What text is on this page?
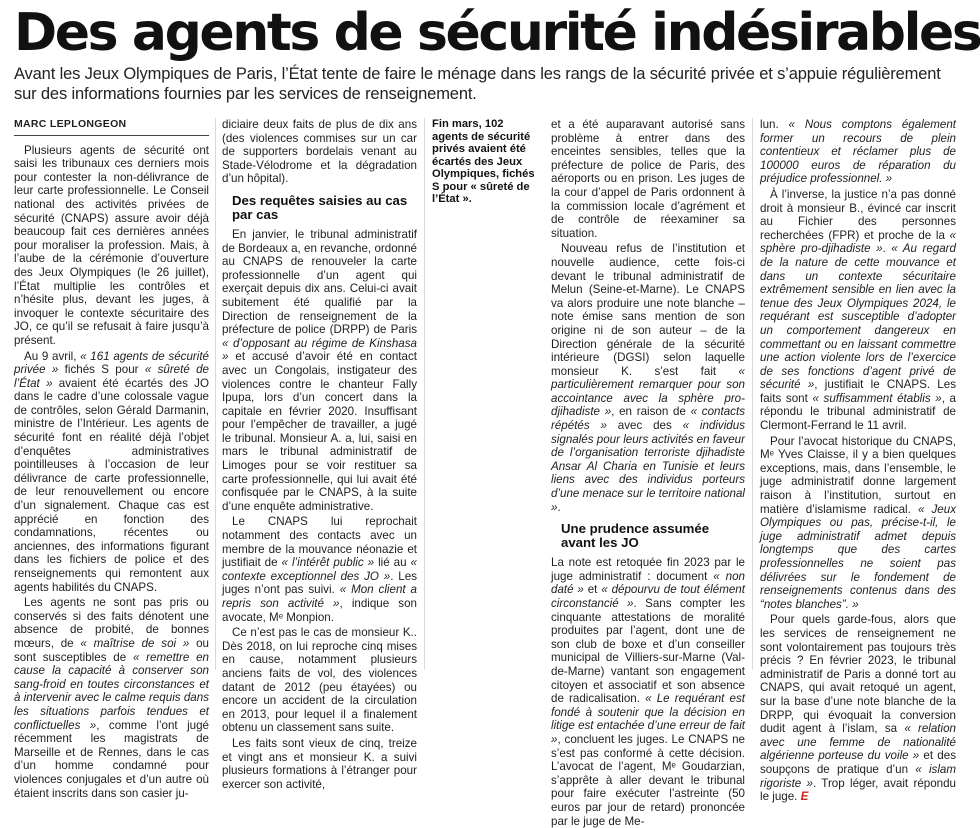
Des agents de sécurité indésirables
Avant les Jeux Olympiques de Paris, l’État tente de faire le ménage dans les rangs de la sécurité privée et s’appuie régulièrement sur des informations fournies par les services de renseignement.
MARC LEPLONGEON

Plusieurs agents de sécurité ont saisi les tribunaux ces derniers mois pour contester la non-délivrance de leur carte professionnelle. Le Conseil national des activités privées de sécurité (CNAPS) assure avoir déjà beaucoup fait ces dernières années pour moraliser la profession. Mais, à l’aube de la cérémonie d’ouverture des Jeux Olympiques (le 26 juillet), l’État multiplie les contrôles et n’hésite plus, devant les juges, à invoquer le contexte sécuritaire des JO, ce qu’il se refusait à faire jusqu’à présent.

Au 9 avril, « 161 agents de sécurité privée » fichés S pour « sûreté de l’État » avaient été écartés des JO dans le cadre d’une colossale vague de contrôles, selon Gérald Darmanin, ministre de l’Intérieur. Les agents de sécurité font en réalité déjà l’objet d’enquêtes administratives pointilleuses à l’occasion de leur délivrance de carte professionnelle, de leur renouvellement ou encore d’un signalement. Chaque cas est apprécié en fonction des condamnations, récentes ou anciennes, des informations figurant dans les fichiers de police et des renseignements qui remontent aux agents habilités du CNAPS.

Les agents ne sont pas pris ou conservés si des faits dénotent une absence de probité, de bonnes mœurs, de « maîtrise de soi » ou sont susceptibles de « remettre en cause la capacité à conserver son sang-froid en toutes circonstances et à intervenir avec le calme requis dans les situations parfois tendues et conflictuelles », comme l’ont jugé récemment les magistrats de Marseille et de Rennes, dans le cas d’un homme condamné pour violences conjugales et d’un autre où étaient inscrits dans son casier ju-

diciaire deux faits de plus de dix ans (des violences commises sur un car de supporters bordelais venant au Stade-Vélodrome et la dégradation d’un hôpital).

Des requêtes saisies au cas par cas

En janvier, le tribunal administratif de Bordeaux a, en revanche, ordonné au CNAPS de renouveler la carte professionnelle d’un agent qui exerçait depuis dix ans. Celui-ci avait subitement été qualifié par la Direction de renseignement de la préfecture de police (DRPP) de Paris « d’opposant au régime de Kinshasa » et accusé d’avoir été en contact avec un Congolais, instigateur des violences contre le chanteur Fally Ipupa, lors d’un concert dans la capitale en février 2020. Insuffisant pour l’empêcher de travailler, a jugé le tribunal. Monsieur A. a, lui, saisi en mars le tribunal administratif de Limoges pour se voir restituer sa carte professionnelle, qui lui avait été confisquée par le CNAPS, à la suite d’une enquête administrative.

Le CNAPS lui reprochait notamment des contacts avec un membre de la mouvance néonazie et justifiait de « l’intérêt public » lié au « contexte exceptionnel des JO ». Les juges n’ont pas suivi. « Mon client a repris son activité », indique son avocate, Mᵉ Monpion.

Ce n’est pas le cas de monsieur K.. Dès 2018, on lui reproche cinq mises en cause, notamment plusieurs anciens faits de vol, des violences datant de 2012 (peu étayées) ou encore un accident de la circulation en 2013, pour lequel il a finalement obtenu un classement sans suite.

Les faits sont vieux de cinq, treize et vingt ans et monsieur K. a suivi plusieurs formations à l’étranger pour exercer son activité,

Fin mars, 102 agents de sécurité privés avaient été écartés des Jeux Olympiques, fichés S pour « sûreté de l’État ».

et a été auparavant autorisé sans problème à entrer dans des enceintes sensibles, telles que la préfecture de police de Paris, des aéroports ou en prison. Les juges de la cour d’appel de Paris ordonnent à la commission locale d’agrément et de contrôle de réexaminer sa situation.

Nouveau refus de l’institution et nouvelle audience, cette fois-ci devant le tribunal administratif de Melun (Seine-et-Marne). Le CNAPS va alors produire une note blanche – note émise sans mention de son origine ni de son auteur – de la Direction générale de la sécurité intérieure (DGSI) selon laquelle monsieur K. s’est fait « particulièrement remarquer pour son accointance avec la sphère pro-djihadiste », en raison de « contacts répétés » avec des « individus signalés pour leurs activités en faveur de l’organisation terroriste djihadiste Ansar Al Charia en Tunisie et leurs liens avec des individus porteurs d’une menace sur le territoire national ».

Une prudence assumée avant les JO

La note est retoquée fin 2023 par le juge administratif : document « non daté » et « dépourvu de tout élément circonstancié ». Sans compter les cinquante attestations de moralité produites par l’agent, dont une de son club de boxe et d’un conseiller municipal de Villiers-sur-Marne (Val-de-Marne) vantant son engagement citoyen et associatif et son absence de radicalisation. « Le requérant est fondé à soutenir que la décision en litige est entachée d’une erreur de fait », concluent les juges. Le CNAPS ne s’est pas conformé à cette décision. L’avocat de l’agent, Mᵉ Goudarzian, s’apprête à aller devant le tribunal pour faire exécuter l’astreinte (50 euros par jour de retard) prononcée par le juge de Me-

lun. « Nous comptons également former un recours de plein contentieux et réclamer plus de 100000 euros de réparation du préjudice professionnel. »

À l’inverse, la justice n’a pas donné droit à monsieur B., évincé car inscrit au Fichier des personnes recherchées (FPR) et proche de la « sphère pro-djihadiste ». « Au regard de la nature de cette mouvance et dans un contexte sécuritaire extrêmement sensible en lien avec la tenue des Jeux Olympiques 2024, le requérant est susceptible d’adopter un comportement dangereux en commettant ou en laissant commettre une action violente lors de l’exercice de ses fonctions d’agent privé de sécurité », justifiait le CNAPS. Les faits sont « suffisamment établis », a répondu le tribunal administratif de Clermont-Ferrand le 11 avril.

Pour l’avocat historique du CNAPS, Mᵉ Yves Claisse, il y a bien quelques exceptions, mais, dans l’ensemble, le juge administratif donne largement raison à l’institution, surtout en matière d’islamisme radical. « Jeux Olympiques ou pas, précise-t-il, le juge administratif admet depuis longtemps que des cartes professionnelles ne soient pas délivrées sur le fondement de renseignements contenus dans des “notes blanches”. »

Pour quels garde-fous, alors que les services de renseignement ne sont volontairement pas toujours très précis ? En février 2023, le tribunal administratif de Paris a donné tort au CNAPS, qui avait retoqué un agent, sur la base d’une note blanche de la DRPP, qui évoquait la conversion dudit agent à l’islam, sa « relation avec une femme de nationalité algérienne porteuse du voile » et des soupçons de pratique d’un « islam rigoriste ». Trop léger, avait répondu le juge. E
